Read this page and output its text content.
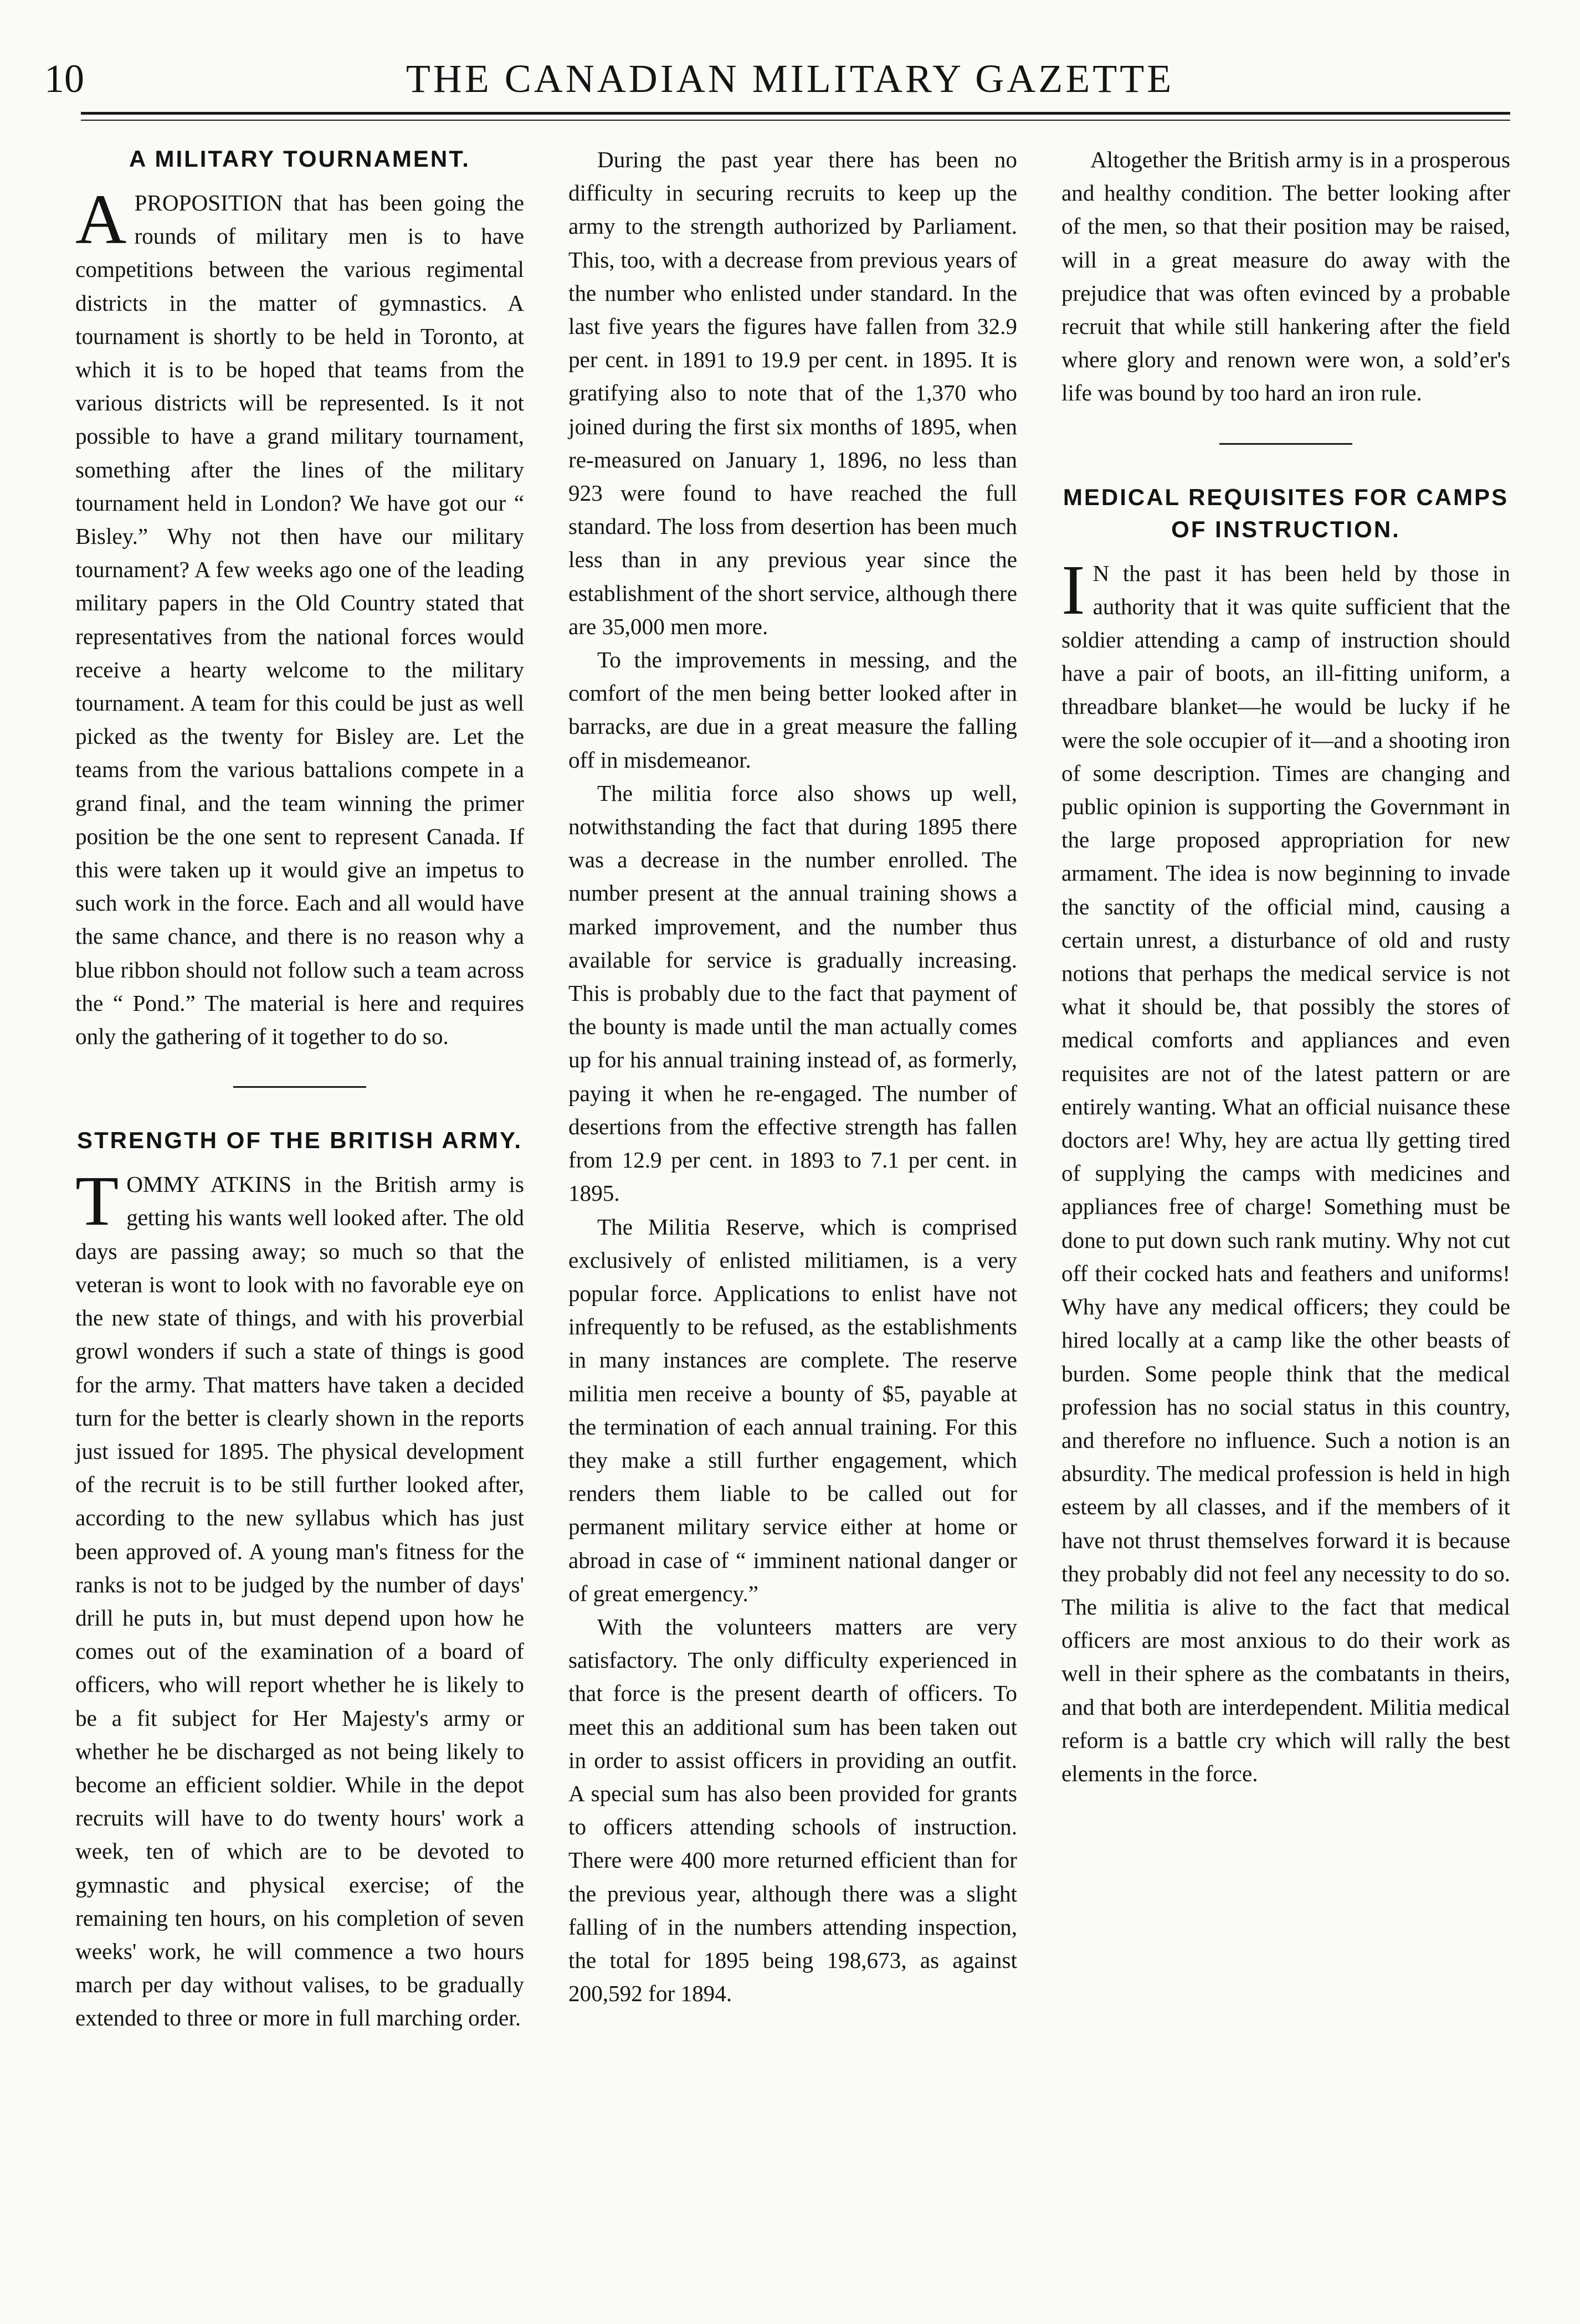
10	THE CANADIAN MILITARY GAZETTE
A MILITARY TOURNAMENT.

APROPOSITION that has been going the rounds of military men is to have competitions between the various regimental districts in the matter of gymnastics. A tournament is shortly to be held in Toronto, at which it is to be hoped that teams from the various districts will be represented. Is it not possible to have a grand military tournament, something after the lines of the military tournament held in London? We have got our “ Bisley.” Why not then have our military tournament? A few weeks ago one of the leading military papers in the Old Country stated that representatives from the national forces would receive a hearty welcome to the military tournament. A team for this could be just as well picked as the twenty for Bisley are. Let the teams from the various battalions compete in a grand final, and the team winning the primer position be the one sent to represent Canada. If this were taken up it would give an impetus to such work in the force. Each and all would have the same chance, and there is no reason why a blue ribbon should not follow such a team across the “ Pond.” The material is here and requires only the gathering of it together to do so.

STRENGTH OF THE BRITISH ARMY.

TOMMY ATKINS in the British army is getting his wants well looked after. The old days are passing away; so much so that the veteran is wont to look with no favorable eye on the new state of things, and with his proverbial growl wonders if such a state of things is good for the army. That matters have taken a decided turn for the better is clearly shown in the reports just issued for 1895. The physical development of the recruit is to be still further looked after, according to the new syllabus which has just been approved of. A young man's fitness for the ranks is not to be judged by the number of days' drill he puts in, but must depend upon how he comes out of the examination of a board of officers, who will report whether he is likely to be a fit subject for Her Majesty's army or whether he be discharged as not being likely to become an efficient soldier. While in the depot recruits will have to do twenty hours' work a week, ten of which are to be devoted to gymnastic and physical exercise; of the remaining ten hours, on his completion of seven weeks' work, he will commence a two hours march per day without valises, to be gradually extended to three or more in full marching order.

During the past year there has been no difficulty in securing recruits to keep up the army to the strength authorized by Parliament. This, too, with a decrease from previous years of the number who enlisted under standard. In the last five years the figures have fallen from 32.9 per cent. in 1891 to 19.9 per cent. in 1895. It is gratifying also to note that of the 1,370 who joined during the first six months of 1895, when re-measured on January 1, 1896, no less than 923 were found to have reached the full standard. The loss from desertion has been much less than in any previous year since the establishment of the short service, although there are 35,000 men more.

To the improvements in messing, and the comfort of the men being better looked after in barracks, are due in a great measure the falling off in misdemeanor.

The militia force also shows up well, notwithstanding the fact that during 1895 there was a decrease in the number enrolled. The number present at the annual training shows a marked improvement, and the number thus available for service is gradually increasing. This is probably due to the fact that payment of the bounty is made until the man actually comes up for his annual training instead of, as formerly, paying it when he re-engaged. The number of desertions from the effective strength has fallen from 12.9 per cent. in 1893 to 7.1 per cent. in 1895.

The Militia Reserve, which is comprised exclusively of enlisted militiamen, is a very popular force. Applications to enlist have not infrequently to be refused, as the establishments in many instances are complete. The reserve militia men receive a bounty of $5, payable at the termination of each annual training. For this they make a still further engagement, which renders them liable to be called out for permanent military service either at home or abroad in case of “ imminent national danger or of great emergency.”

With the volunteers matters are very satisfactory. The only difficulty experienced in that force is the present dearth of officers. To meet this an additional sum has been taken out in order to assist officers in providing an outfit. A special sum has also been provided for grants to officers attending schools of instruction. There were 400 more returned efficient than for the previous year, although there was a slight falling of in the numbers attending inspection, the total for 1895 being 198,673, as against 200,592 for 1894.

Altogether the British army is in a prosperous and healthy condition. The better looking after of the men, so that their position may be raised, will in a great measure do away with the prejudice that was often evinced by a probable recruit that while still hankering after the field where glory and renown were won, a soldʼer's life was bound by too hard an iron rule.

MEDICAL REQUISITES FOR CAMPS OF INSTRUCTION.

I N the past it has been held by those in authority that it was quite sufficient that the soldier attending a camp of instruction should have a pair of boots, an ill-fitting uniform, a threadbare blanket—he would be lucky if he were the sole occupier of it—and a shooting iron of some description. Times are changing and public opinion is supporting the Governmənt in the large proposed appropriation for new armament. The idea is now beginning to invade the sanctity of the official mind, causing a certain unrest, a disturbance of old and rusty notions that perhaps the medical service is not what it should be, that possibly the stores of medical comforts and appliances and even requisites are not of the latest pattern or are entirely wanting. What an official nuisance these doctors are! Why, hey are actua lly getting tired of supplying the camps with medicines and appliances free of charge! Something must be done to put down such rank mutiny. Why not cut off their cocked hats and feathers and uniforms! Why have any medical officers; they could be hired locally at a camp like the other beasts of burden. Some people think that the medical profession has no social status in this country, and therefore no influence. Such a notion is an absurdity. The medical profession is held in high esteem by all classes, and if the members of it have not thrust themselves forward it is because they probably did not feel any necessity to do so. The militia is alive to the fact that medical officers are most anxious to do their work as well in their sphere as the combatants in theirs, and that both are interdependent. Militia medical reform is a battle cry which will rally the best elements in the force.
